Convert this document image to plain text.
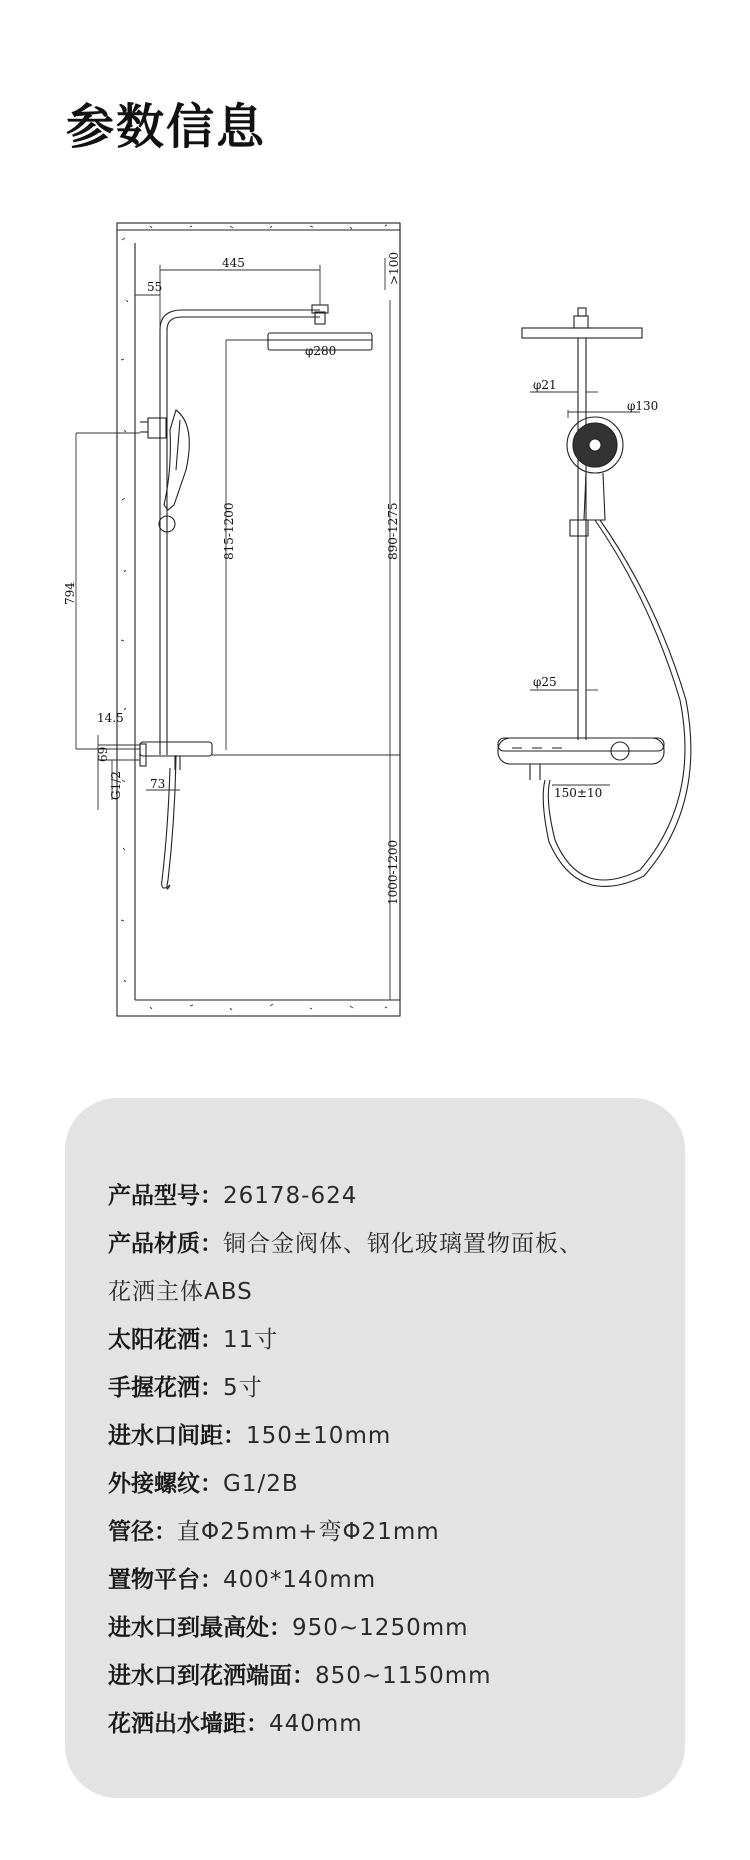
参数信息
445	>100
55
φ280
815-1200	890-1275
794
14.5
69
G1/2 73
1000-1200
φ21
φ130
φ25
150±10
产品型号：26178-624
产品材质：铜合金阀体、钢化玻璃置物面板、
花洒主体ABS
太阳花洒：11寸
手握花洒：5寸
进水口间距：150±10mm
外接螺纹：G1/2B
管径：直Φ25mm+弯Φ21mm
置物平台：400*140mm
进水口到最高处：950~1250mm
进水口到花洒端面：850~1150mm
花洒出水墙距：440mm
